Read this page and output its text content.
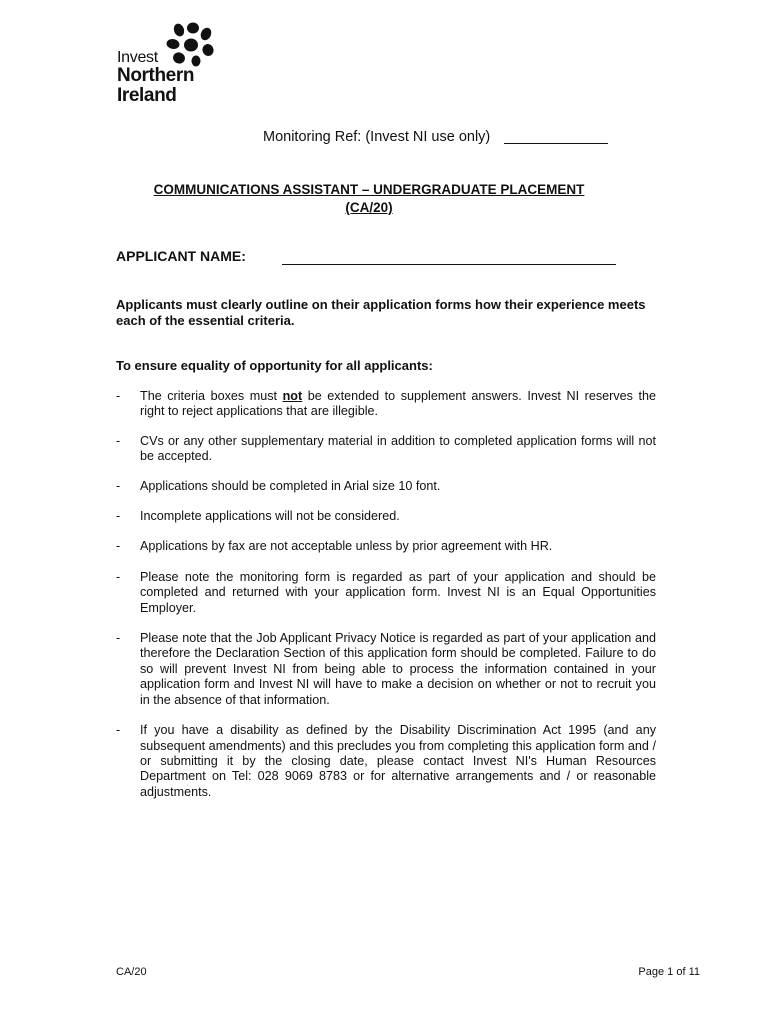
Invest
Northern
Ireland
Monitoring Ref: (Invest NI use only)
COMMUNICATIONS ASSISTANT – UNDERGRADUATE PLACEMENT
(CA/20)
APPLICANT NAME:
Applicants must clearly outline on their application forms how their experience meets each of the essential criteria.
To ensure equality of opportunity for all applicants:
- The criteria boxes must not be extended to supplement answers. Invest NI reserves the right to reject applications that are illegible.
- CVs or any other supplementary material in addition to completed application forms will not be accepted.
- Applications should be completed in Arial size 10 font.
- Incomplete applications will not be considered.
- Applications by fax are not acceptable unless by prior agreement with HR.
- Please note the monitoring form is regarded as part of your application and should be completed and returned with your application form. Invest NI is an Equal Opportunities Employer.
- Please note that the Job Applicant Privacy Notice is regarded as part of your application and therefore the Declaration Section of this application form should be completed. Failure to do so will prevent Invest NI from being able to process the information contained in your application form and Invest NI will have to make a decision on whether or not to recruit you in the absence of that information.
- If you have a disability as defined by the Disability Discrimination Act 1995 (and any subsequent amendments) and this precludes you from completing this application form and / or submitting it by the closing date, please contact Invest NI's Human Resources Department on Tel: 028 9069 8783 or for alternative arrangements and / or reasonable adjustments.
CA/20	Page 1 of 11
